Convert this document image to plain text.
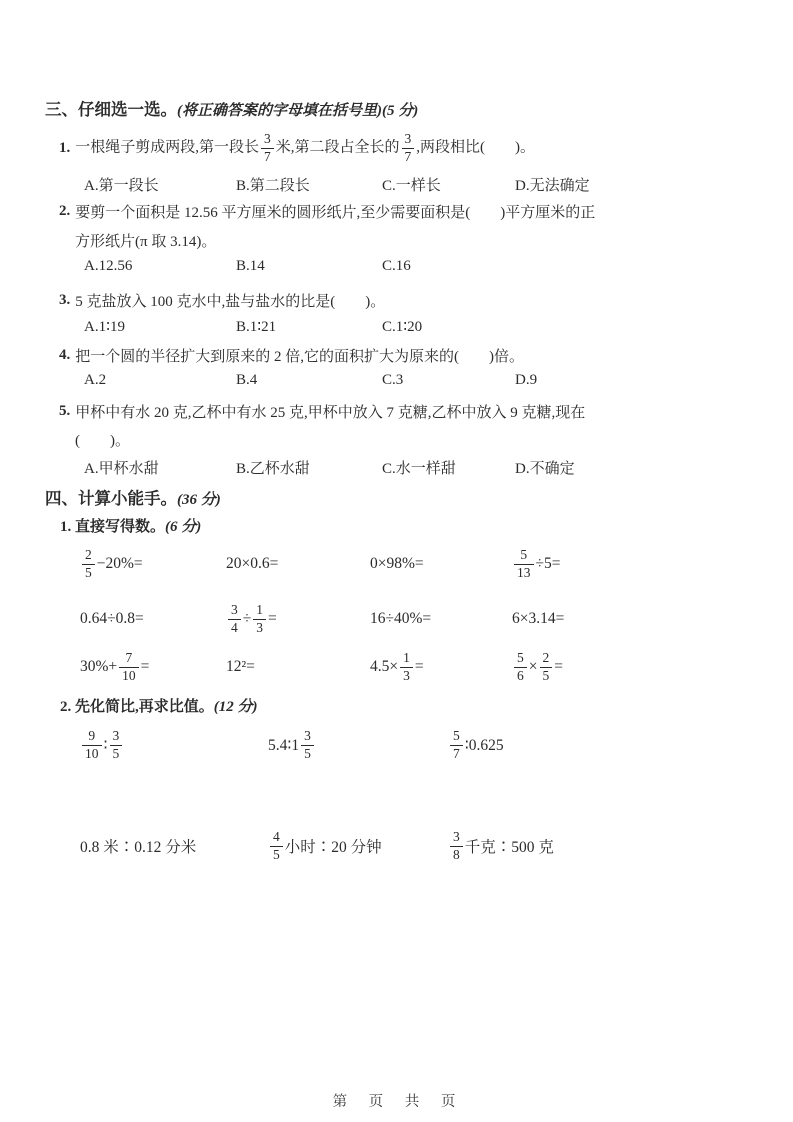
三、仔细选一选。(将正确答案的字母填在括号里)(5 分)
1. 一根绳子剪成两段,第一段长 $\frac{3}{7}$ 米,第二段占全长的 $\frac{3}{7}$ ,两段相比(　　)。
A.第一段长	B.第二段长	C.一样长	D.无法确定
2. 要剪一个面积是 12.56 平方厘米的圆形纸片,至少需要面积是(　　)平方厘米的正
方形纸片(π 取 3.14)。
A.12.56	B.14	C.16
3. 5 克盐放入 100 克水中,盐与盐水的比是(　　)。
A.1∶19	B.1∶21	C.1∶20
4. 把一个圆的半径扩大到原来的 2 倍,它的面积扩大为原来的(　　)倍。
A.2	B.4	C.3	D.9
5. 甲杯中有水 20 克,乙杯中有水 25 克,甲杯中放入 7 克糖,乙杯中放入 9 克糖,现在
(　　)。
A.甲杯水甜	B.乙杯水甜	C.水一样甜	D.不确定
四、计算小能手。(36 分)
1. 直接写得数。(6 分)
$\frac{2}{5} -20\%=$	20×0.6=	0×98%=	$\frac{5}{13} \div 5=$
0.64÷0.8=	$\frac{3}{4} \div \frac{1}{3}$ =	16÷40%=	6×3.14=
$30\%+ \frac{7}{10}$ =	12²=	$4.5\times \frac{1}{3}$ =	$\frac{5}{6} \times \frac{2}{5}$ =
2. 先化简比,再求比值。(12 分)
$\frac{9}{10}$ ∶ $\frac{3}{5}$	5.4∶1 $\frac{3}{5}$	$\frac{5}{7}$ ∶0.625
0.8 米∶0.12 分米	$\frac{4}{5}$ 小时∶20 分钟	$\frac{3}{8}$ 千克∶500 克
第 页 共 页
